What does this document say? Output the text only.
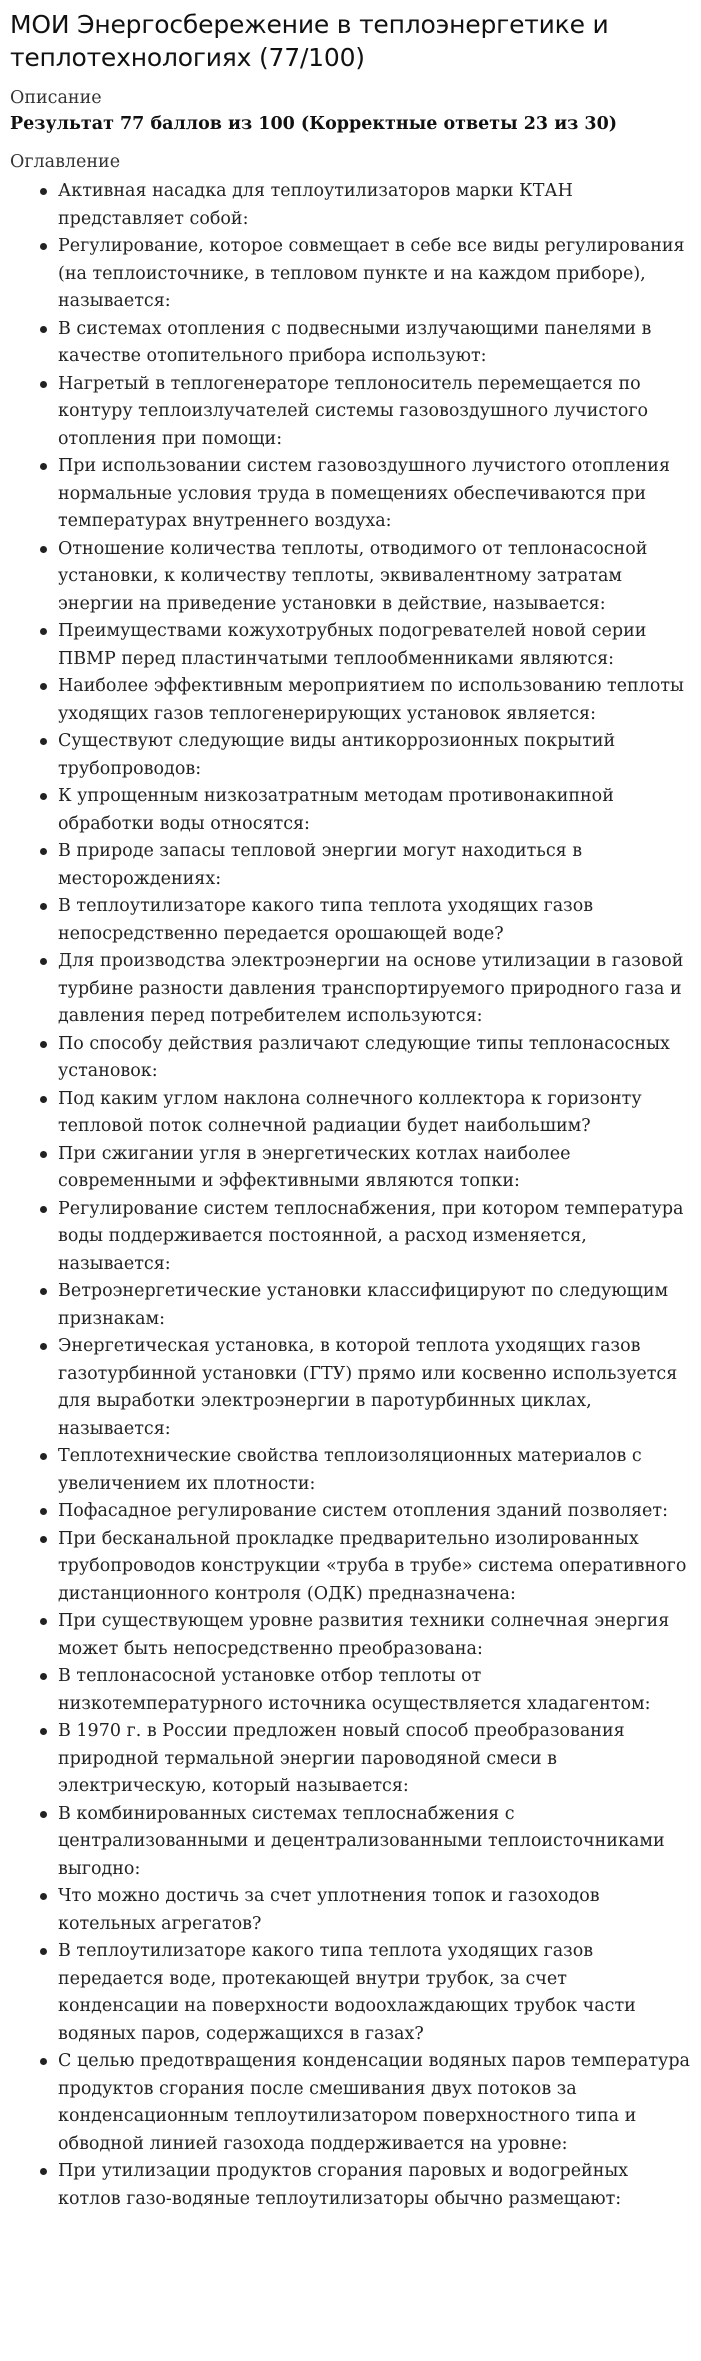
МОИ Энергосбережение в теплоэнергетике и теплотехнологиях (77/100)

Описание

Результат 77 баллов из 100 (Корректные ответы 23 из 30)

Оглавление

Активная насадка для теплоутилизаторов марки КТАН представляет собой:
Регулирование, которое совмещает в себе все виды регулирования (на теплоисточнике, в тепловом пункте и на каждом приборе), называется:
В системах отопления с подвесными излучающими панелями в качестве отопительного прибора используют:
Нагретый в теплогенераторе теплоноситель перемещается по контуру теплоизлучателей системы газовоздушного лучистого отопления при помощи:
При использовании систем газовоздушного лучистого отопления нормальные условия труда в помещениях обеспечиваются при температурах внутреннего воздуха:
Отношение количества теплоты, отводимого от теплонасосной установки, к количеству теплоты, эквивалентному затратам энергии на приведение установки в действие, называется:
Преимуществами кожухотрубных подогревателей новой серии ПВМР перед пластинчатыми теплообменниками являются:
Наиболее эффективным мероприятием по использованию теплоты уходящих газов теплогенерирующих установок является:
Существуют следующие виды антикоррозионных покрытий трубопроводов:
К упрощенным низкозатратным методам противонакипной обработки воды относятся:
В природе запасы тепловой энергии могут находиться в месторождениях:
В теплоутилизаторе какого типа теплота уходящих газов непосредственно передается орошающей воде?
Для производства электроэнергии на основе утилизации в газовой турбине разности давления транспортируемого природного газа и давления перед потребителем используются:
По способу действия различают следующие типы теплонасосных установок:
Под каким углом наклона солнечного коллектора к горизонту тепловой поток солнечной радиации будет наибольшим?
При сжигании угля в энергетических котлах наиболее современными и эффективными являются топки:
Регулирование систем теплоснабжения, при котором температура воды поддерживается постоянной, а расход изменяется, называется:
Ветроэнергетические установки классифицируют по следующим признакам:
Энергетическая установка, в которой теплота уходящих газов газотурбинной установки (ГТУ) прямо или косвенно используется для выработки электроэнергии в паротурбинных циклах, называется:
Теплотехнические свойства теплоизоляционных материалов с увеличением их плотности:
Пофасадное регулирование систем отопления зданий позволяет:
При бесканальной прокладке предварительно изолированных трубопроводов конструкции «труба в трубе» система оперативного дистанционного контроля (ОДК) предназначена:
При существующем уровне развития техники солнечная энергия может быть непосредственно преобразована:
В теплонасосной установке отбор теплоты от низкотемпературного источника осуществляется хладагентом:
В 1970 г. в России предложен новый способ преобразования природной термальной энергии пароводяной смеси в электрическую, который называется:
В комбинированных системах теплоснабжения с централизованными и децентрализованными теплоисточниками выгодно:
Что можно достичь за счет уплотнения топок и газоходов котельных агрегатов?
В теплоутилизаторе какого типа теплота уходящих газов передается воде, протекающей внутри трубок, за счет конденсации на поверхности водоохлаждающих трубок части водяных паров, содержащихся в газах?
С целью предотвращения конденсации водяных паров температура продуктов сгорания после смешивания двух потоков за конденсационным теплоутилизатором поверхностного типа и обводной линией газохода поддерживается на уровне:
При утилизации продуктов сгорания паровых и водогрейных котлов газо-водяные теплоутилизаторы обычно размещают:
